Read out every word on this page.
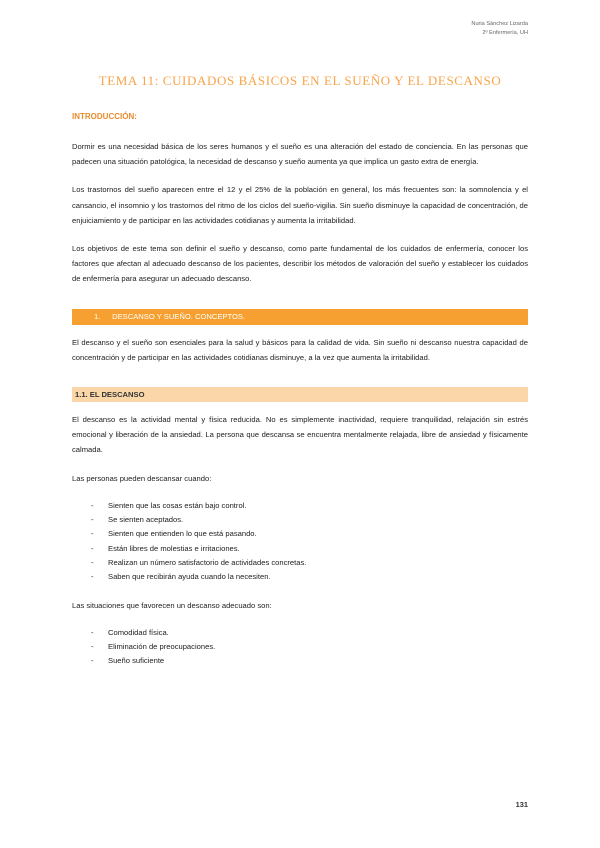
Nuria Sánchez Lizarda
2º Enfermería, UH
TEMA 11: CUIDADOS BÁSICOS EN EL SUEÑO Y EL DESCANSO
INTRODUCCIÓN:

Dormir es una necesidad básica de los seres humanos y el sueño es una alteración del estado de conciencia. En las personas que padecen una situación patológica, la necesidad de descanso y sueño aumenta ya que implica un gasto extra de energía.

Los trastornos del sueño aparecen entre el 12 y el 25% de la población en general, los más frecuentes son: la somnolencia y el cansancio, el insomnio y los trastornos del ritmo de los ciclos del sueño-vigilia. Sin sueño disminuye la capacidad de concentración, de enjuiciamiento y de participar en las actividades cotidianas y aumenta la irritabilidad.

Los objetivos de este tema son definir el sueño y descanso, como parte fundamental de los cuidados de enfermería, conocer los factores que afectan al adecuado descanso de los pacientes, describir los métodos de valoración del sueño y establecer los cuidados de enfermería para asegurar un adecuado descanso.

1. DESCANSO Y SUEÑO. CONCEPTOS.

El descanso y el sueño son esenciales para la salud y básicos para la calidad de vida. Sin sueño ni descanso nuestra capacidad de concentración y de participar en las actividades cotidianas disminuye, a la vez que aumenta la irritabilidad.

1.1. EL DESCANSO

El descanso es la actividad mental y física reducida. No es simplemente inactividad, requiere tranquilidad, relajación sin estrés emocional y liberación de la ansiedad. La persona que descansa se encuentra mentalmente relajada, libre de ansiedad y físicamente calmada.

Las personas pueden descansar cuando:

- Sienten que las cosas están bajo control.
- Se sienten aceptados.
- Sienten que entienden lo que está pasando.
- Están libres de molestias e irritaciones.
- Realizan un número satisfactorio de actividades concretas.
- Saben que recibirán ayuda cuando la necesiten.

Las situaciones que favorecen un descanso adecuado son:

- Comodidad física.
- Eliminación de preocupaciones.
- Sueño suficiente
131
